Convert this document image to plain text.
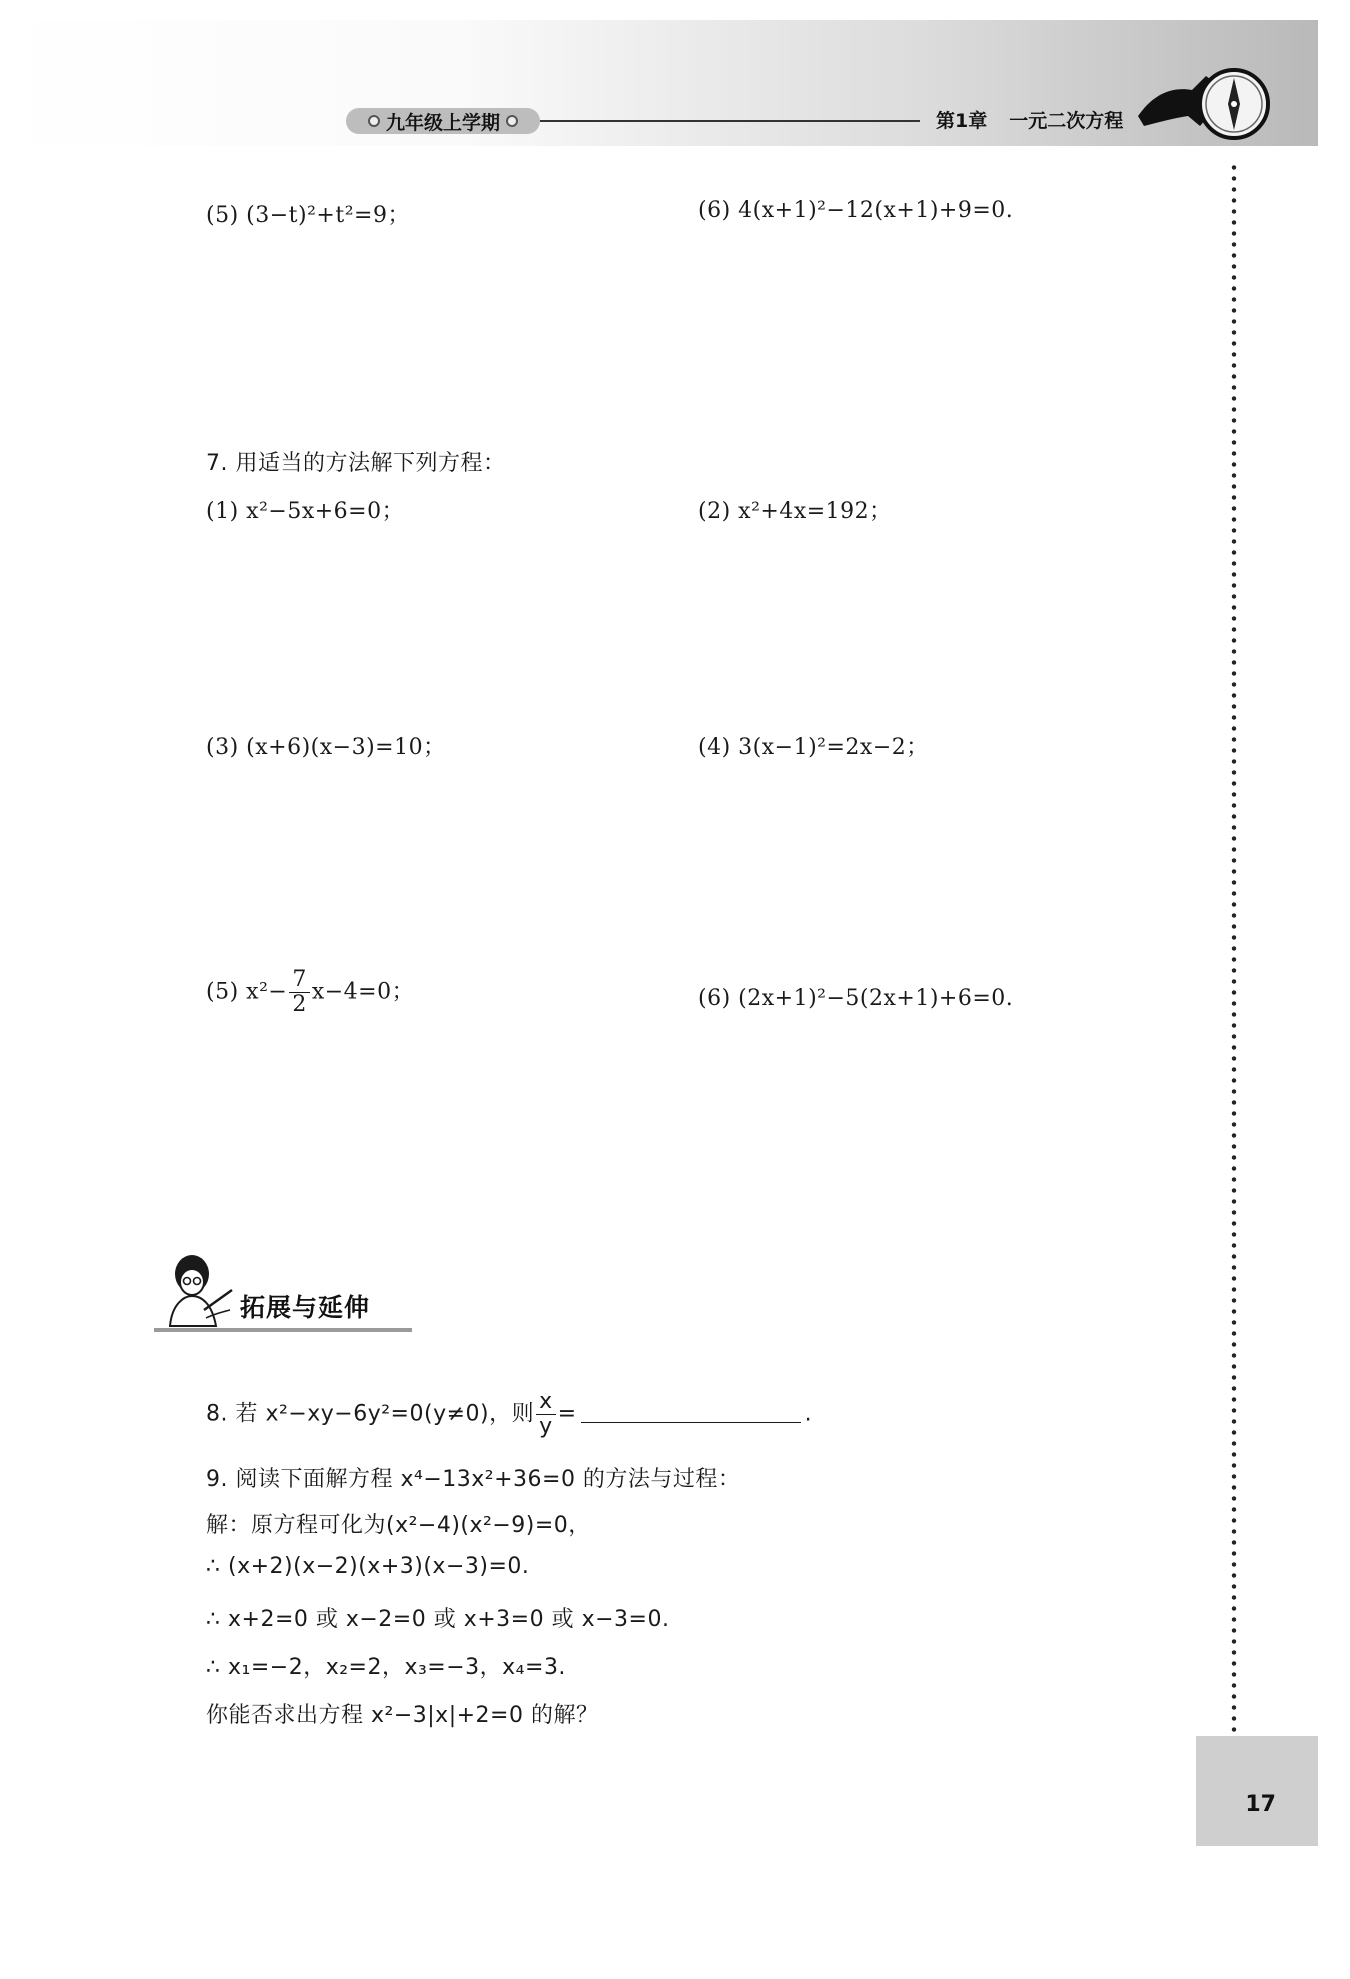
九年级上学期	第1章 一元二次方程
17
(5) (3−t)²+t²=9；	(6) 4(x+1)²−12(x+1)+9=0.
7. 用适当的方法解下列方程：
(1) x²−5x+6=0；	(2) x²+4x=192；
(3) (x+6)(x−3)=10；	(4) 3(x−1)²=2x−2；
(5) $x^2- \frac{7}{2} x-4=0$；	(6) (2x+1)²−5(2x+1)+6=0.
拓展与延伸
8. 若 x²−xy−6y²=0(y≠0)，则 $\frac{x}{y}$ =	.
9. 阅读下面解方程 x⁴−13x²+36=0 的方法与过程：
解：原方程可化为(x²−4)(x²−9)=0，
∴ (x+2)(x−2)(x+3)(x−3)=0.
∴ x+2=0 或 x−2=0 或 x+3=0 或 x−3=0.
∴ x₁=−2，x₂=2，x₃=−3，x₄=3.
你能否求出方程 x²−3|x|+2=0 的解？
